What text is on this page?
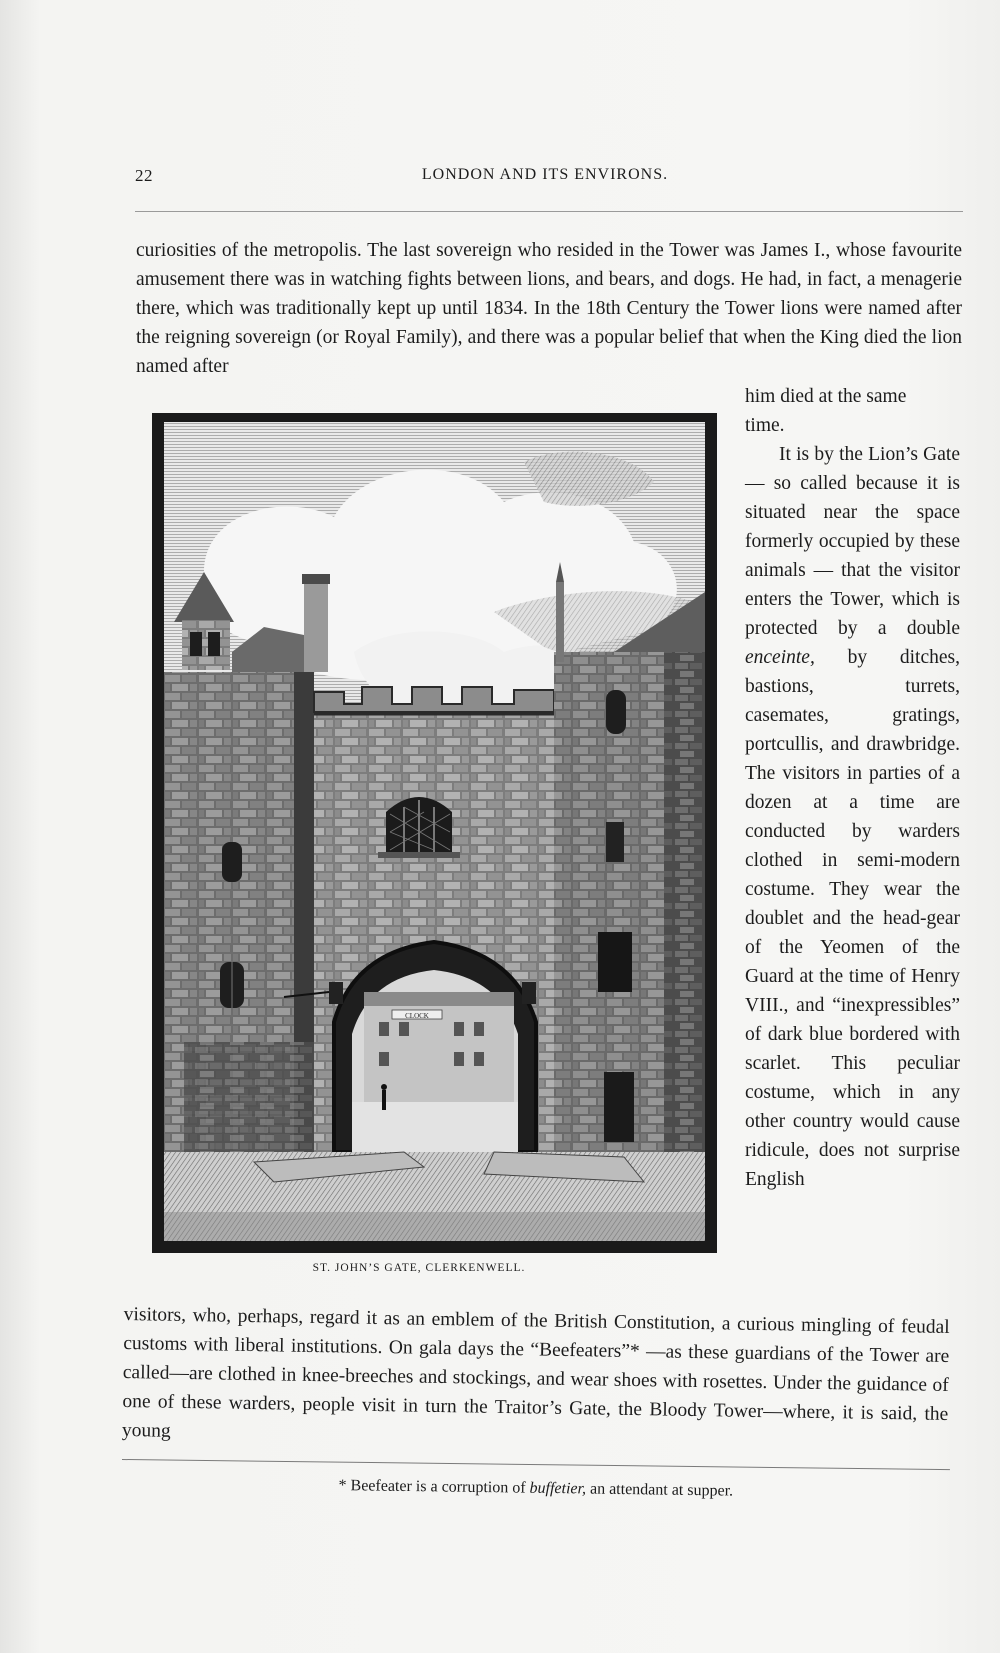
22	LONDON AND ITS ENVIRONS.

curiosities of the metropolis. The last sovereign who resided in the Tower was James I., whose favourite amusement there was in watching fights between lions, and bears, and dogs. He had, in fact, a menagerie there, which was traditionally kept up until 1834. In the 18th Century the Tower lions were named after the reigning sovereign (or Royal Family), and there was a popular belief that when the King died the lion named after

CLOCK
ST. JOHN’S GATE, CLERKENWELL.

him died at the same

time.

It is by the Lion’s Gate — so called because it is situated near the space formerly occupied by these animals — that the visitor enters the Tower, which is protected by a double enceinte, by ditches, bastions, turrets, casemates, gratings, portcullis, and drawbridge. The visitors in parties of a dozen at a time are conducted by warders clothed in semi-modern costume. They wear the doublet and the head-gear of the Yeomen of the Guard at the time of Henry VIII., and “inexpressibles” of dark blue bordered with scarlet. This peculiar costume, which in any other country would cause ridicule, does not surprise English

visitors, who, perhaps, regard it as an emblem of the British Constitution, a curious mingling of feudal customs with liberal institutions. On gala days the “Beefeaters”* —as these guardians of the Tower are called—are clothed in knee-breeches and stockings, and wear shoes with rosettes. Under the guidance of one of these warders, people visit in turn the Traitor’s Gate, the Bloody Tower—where, it is said, the young

* Beefeater is a corruption of buffetier, an attendant at supper.
